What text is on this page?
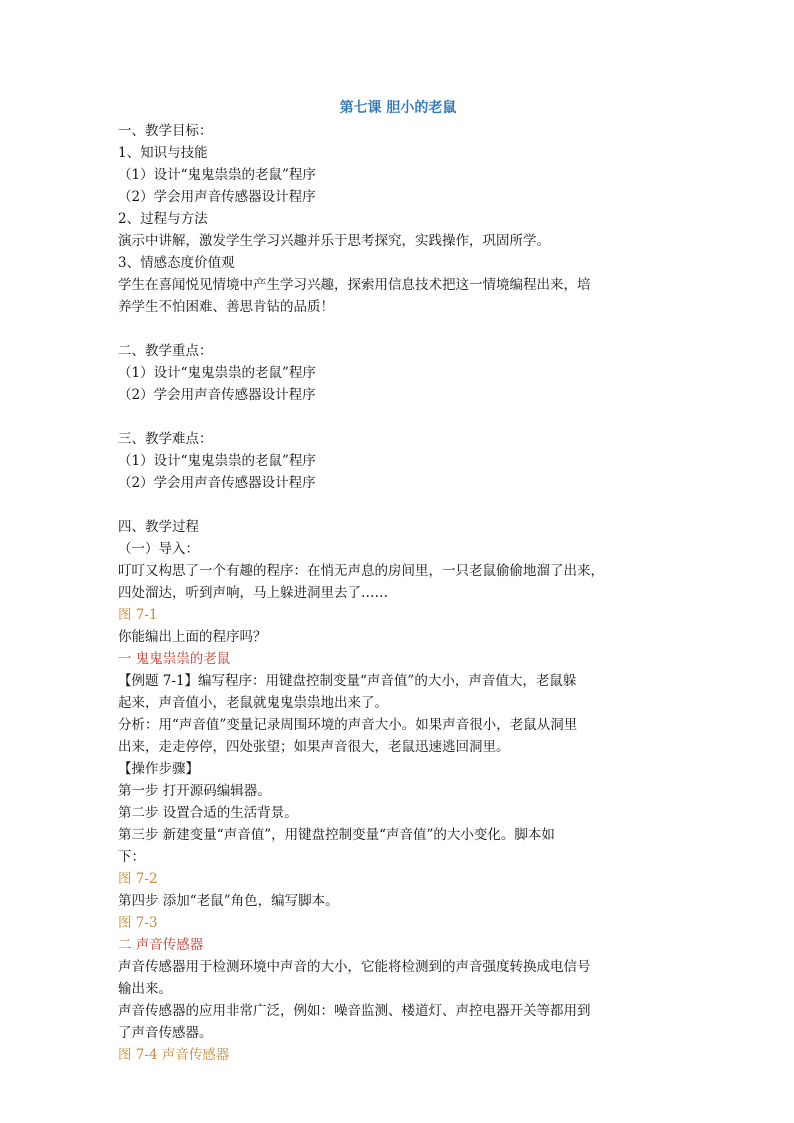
第七课 胆小的老鼠

一、教学目标：

1、知识与技能

（1）设计“鬼鬼祟祟的老鼠”程序

（2）学会用声音传感器设计程序

2、过程与方法

演示中讲解，激发学生学习兴趣并乐于思考探究，实践操作，巩固所学。

3、情感态度价值观

学生在喜闻悦见情境中产生学习兴趣，探索用信息技术把这一情境编程出来，培

养学生不怕困难、善思肯钻的品质！

二、教学重点：

（1）设计“鬼鬼祟祟的老鼠”程序

（2）学会用声音传感器设计程序

三、教学难点：

（1）设计“鬼鬼祟祟的老鼠”程序

（2）学会用声音传感器设计程序

四、教学过程

（一）导入：

叮叮又构思了一个有趣的程序：在悄无声息的房间里，一只老鼠偷偷地溜了出来，

四处溜达，听到声响，马上躲进洞里去了……

图 7-1

你能编出上面的程序吗？

一 鬼鬼祟祟的老鼠

【例题 7-1】编写程序：用键盘控制变量“声音值”的大小，声音值大，老鼠躲

起来，声音值小，老鼠就鬼鬼祟祟地出来了。

分析：用“声音值”变量记录周围环境的声音大小。如果声音很小，老鼠从洞里

出来，走走停停，四处张望；如果声音很大，老鼠迅速逃回洞里。

【操作步骤】

第一步 打开源码编辑器。

第二步 设置合适的生活背景。

第三步 新建变量“声音值”，用键盘控制变量“声音值”的大小变化。脚本如

下：

图 7-2

第四步 添加“老鼠”角色，编写脚本。

图 7-3

二 声音传感器

声音传感器用于检测环境中声音的大小，它能将检测到的声音强度转换成电信号

输出来。

声音传感器的应用非常广泛，例如：噪音监测、楼道灯、声控电器开关等都用到

了声音传感器。

图 7-4 声音传感器
